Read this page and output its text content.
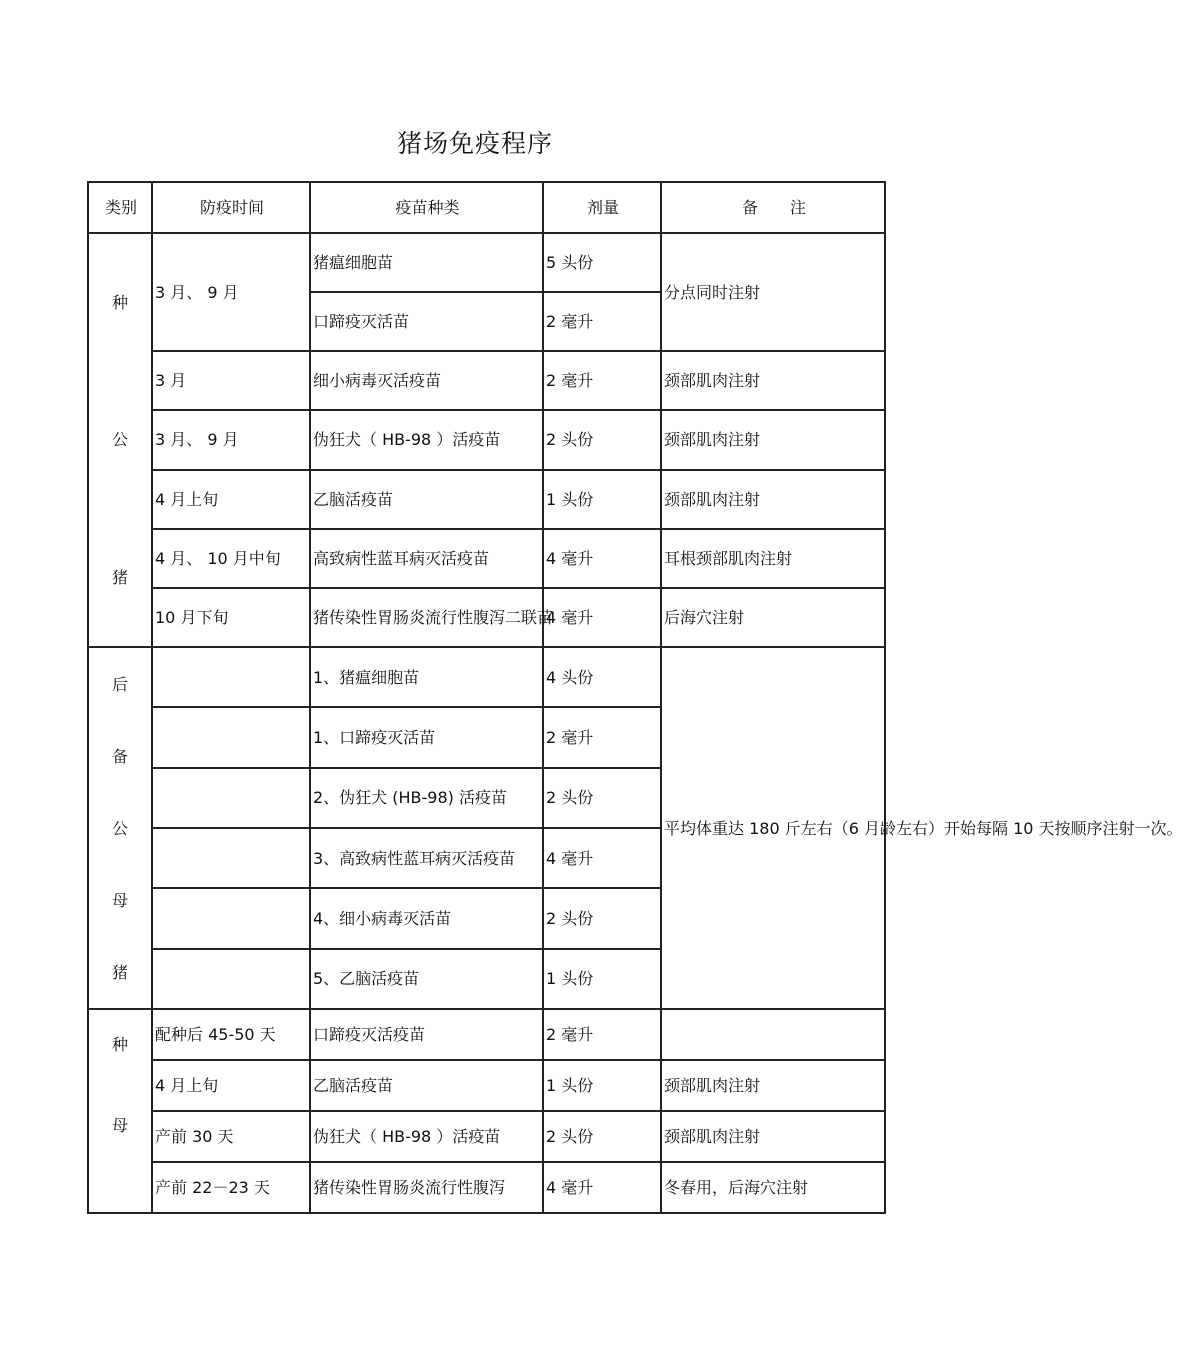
猪场免疫程序
类别	防疫时间	疫苗种类	剂量	备　　注

种
公
猪	3 月、 9 月	猪瘟细胞苗	5 头份	分点同时注射
		口蹄疫灭活苗	2 毫升	
	3 月	细小病毒灭活疫苗	2 毫升	颈部肌肉注射
	3 月、 9 月	伪狂犬（ HB-98 ）活疫苗	2 头份	颈部肌肉注射
	4 月上旬	乙脑活疫苗	1 头份	颈部肌肉注射
	4 月、 10 月中旬	高致病性蓝耳病灭活疫苗	4 毫升	耳根颈部肌肉注射
	10 月下旬	猪传染性胃肠炎流行性腹泻二联苗	4 毫升	后海穴注射

后
备
公
母
猪		1、猪瘟细胞苗	4 头份	平均体重达 180 斤左右（6 月龄左右）开始每隔 10 天按顺序注射一次。
		1、口蹄疫灭活苗	2 毫升	
		2、伪狂犬 (HB-98) 活疫苗	2 头份	
		3、高致病性蓝耳病灭活疫苗	4 毫升	
		4、细小病毒灭活苗	2 头份	
		5、乙脑活疫苗	1 头份	

种
母	配种后 45-50 天	口蹄疫灭活疫苗	2 毫升	
	4 月上旬	乙脑活疫苗	1 头份	颈部肌肉注射
	产前 30 天	伪狂犬（ HB-98 ）活疫苗	2 头份	颈部肌肉注射
	产前 22－23 天	猪传染性胃肠炎流行性腹泻	4 毫升	冬春用，后海穴注射
